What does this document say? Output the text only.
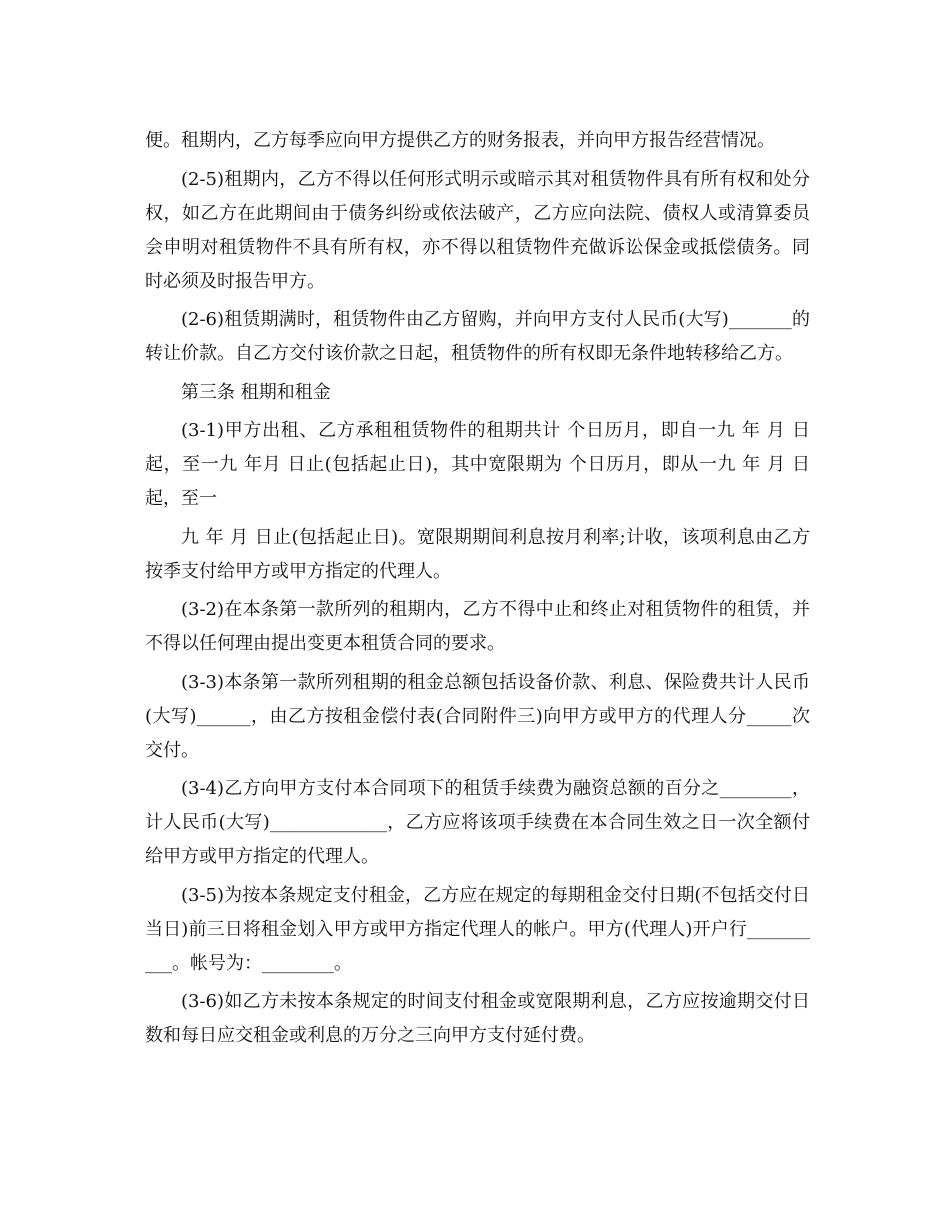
便。租期内，乙方每季应向甲方提供乙方的财务报表，并向甲方报告经营情况。

(2-5)租期内，乙方不得以任何形式明示或暗示其对租赁物件具有所有权和处分权，如乙方在此期间由于债务纠纷或依法破产，乙方应向法院、债权人或清算委员会申明对租赁物件不具有所有权，亦不得以租赁物件充做诉讼保金或抵偿债务。同时必须及时报告甲方。

(2-6)租赁期满时，租赁物件由乙方留购，并向甲方支付人民币(大写)_______的转让价款。自乙方交付该价款之日起，租赁物件的所有权即无条件地转移给乙方。

第三条 租期和租金

(3-1)甲方出租、乙方承租租赁物件的租期共计 个日历月，即自一九 年 月 日起，至一九 年月 日止(包括起止日)，其中宽限期为 个日历月，即从一九 年 月 日起，至一

九 年 月 日止(包括起止日)。宽限期期间利息按月利率;计收，该项利息由乙方按季支付给甲方或甲方指定的代理人。

(3-2)在本条第一款所列的租期内，乙方不得中止和终止对租赁物件的租赁，并不得以任何理由提出变更本租赁合同的要求。

(3-3)本条第一款所列租期的租金总额包括设备价款、利息、保险费共计人民币(大写)______，由乙方按租金偿付表(合同附件三)向甲方或甲方的代理人分_____次交付。

(3-4)乙方向甲方支付本合同项下的租赁手续费为融资总额的百分之________，计人民币(大写)_____________，乙方应将该项手续费在本合同生效之日一次全额付给甲方或甲方指定的代理人。

(3-5)为按本条规定支付租金，乙方应在规定的每期租金交付日期(不包括交付日当日)前三日将租金划入甲方或甲方指定代理人的帐户。甲方(代理人)开户行__________。帐号为：________。

(3-6)如乙方未按本条规定的时间支付租金或宽限期利息，乙方应按逾期交付日数和每日应交租金或利息的万分之三向甲方支付延付费。
